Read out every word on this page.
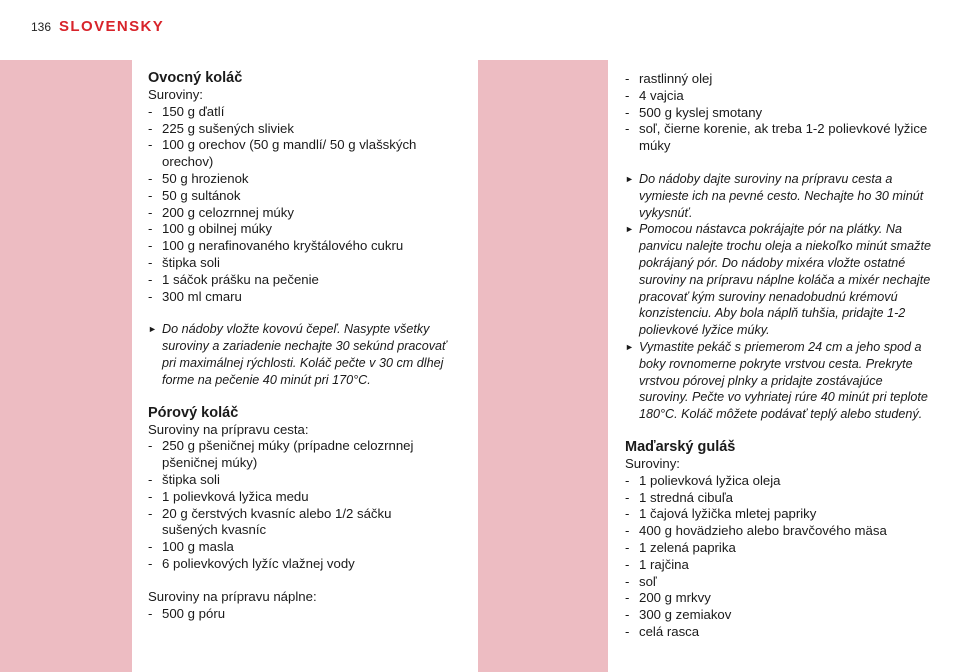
136 SLOVENSKY
Ovocný koláč

Suroviny:

- 150 g ďatlí
- 225 g sušených sliviek
- 100 g orechov (50 g mandlí/ 50 g vlašských orechov)
- 50 g hrozienok
- 50 g sultánok
- 200 g celozrnnej múky
- 100 g obilnej múky
- 100 g nerafinovaného kryštálového cukru
- štipka soli
- 1 sáčok prášku na pečenie
- 300 ml cmaru
► Do nádoby vložte kovovú čepeľ. Nasypte všetky suroviny a zariadenie nechajte 30 sekúnd pracovať pri maximálnej rýchlosti. Koláč pečte v 30 cm dlhej forme na pečenie 40 minút pri 170°C.
Pórový koláč

Suroviny na prípravu cesta:

- 250 g pšeničnej múky (prípadne celozrnnej pšeničnej múky)
- štipka soli
- 1 polievková lyžica medu
- 20 g čerstvých kvasníc alebo 1/2 sáčku sušených kvasníc
- 100 g masla
- 6 polievkových lyžíc vlažnej vody

Suroviny na prípravu náplne:

- 500 g póru
- rastlinný olej
- 4 vajcia
- 500 g kyslej smotany
- soľ, čierne korenie, ak treba 1-2 polievkové lyžice múky
► Do nádoby dajte suroviny na prípravu cesta a vymieste ich na pevné cesto. Nechajte ho 30 minút vykysnúť.
► Pomocou nástavca pokrájajte pór na plátky. Na panvicu nalejte trochu oleja a niekoľko minút smažte pokrájaný pór. Do nádoby mixéra vložte ostatné suroviny na prípravu náplne koláča a mixér nechajte pracovať kým suroviny nenadobudnú krémovú konzistenciu. Aby bola náplň tuhšia, pridajte 1-2 polievkové lyžice múky.
► Vymastite pekáč s priemerom 24 cm a jeho spod a boky rovnomerne pokryte vrstvou cesta. Prekryte vrstvou pórovej plnky a pridajte zostávajúce suroviny. Pečte vo vyhriatej rúre 40 minút pri teplote 180°C. Koláč môžete podávať teplý alebo studený.
Maďarský guláš

Suroviny:

- 1 polievková lyžica oleja
- 1 stredná cibuľa
- 1 čajová lyžička mletej papriky
- 400 g hovädzieho alebo bravčového mäsa
- 1 zelená paprika
- 1 rajčina
- soľ
- 200 g mrkvy
- 300 g zemiakov
- celá rasca
